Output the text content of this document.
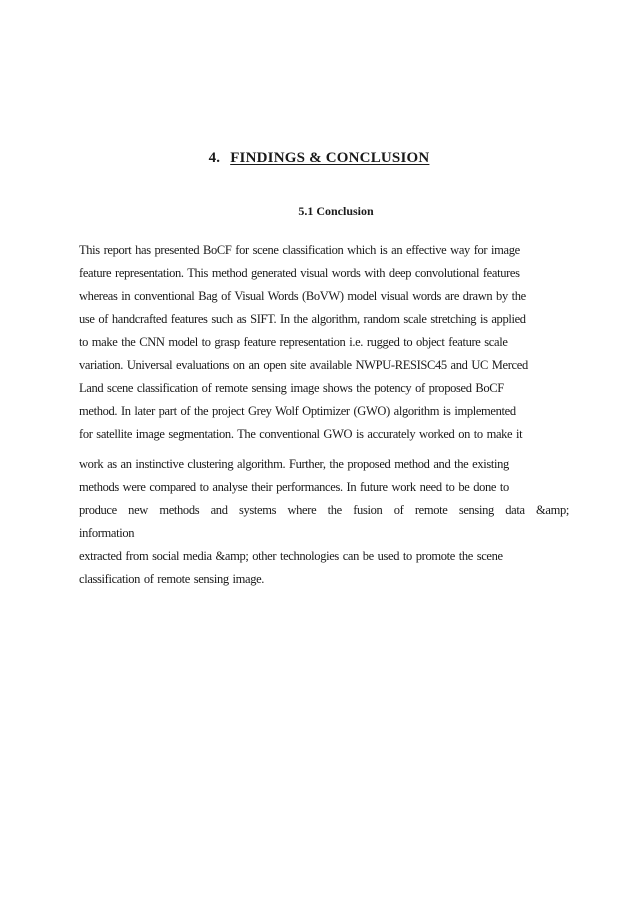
4. FINDINGS & CONCLUSION
5.1 Conclusion
This report has presented BoCF for scene classification which is an effective way for image
feature representation. This method generated visual words with deep convolutional features
whereas in conventional Bag of Visual Words (BoVW) model visual words are drawn by the
use of handcrafted features such as SIFT. In the algorithm, random scale stretching is applied
to make the CNN model to grasp feature representation i.e. rugged to object feature scale
variation. Universal evaluations on an open site available NWPU-RESISC45 and UC Merced
Land scene classification of remote sensing image shows the potency of proposed BoCF
method. In later part of the project Grey Wolf Optimizer (GWO) algorithm is implemented
for satellite image segmentation. The conventional GWO is accurately worked on to make it
work as an instinctive clustering algorithm. Further, the proposed method and the existing
methods were compared to analyse their performances. In future work need to be done to
produce new methods and systems where the fusion of remote sensing data &amp;
information
extracted from social media &amp; other technologies can be used to promote the scene
classification of remote sensing image.
